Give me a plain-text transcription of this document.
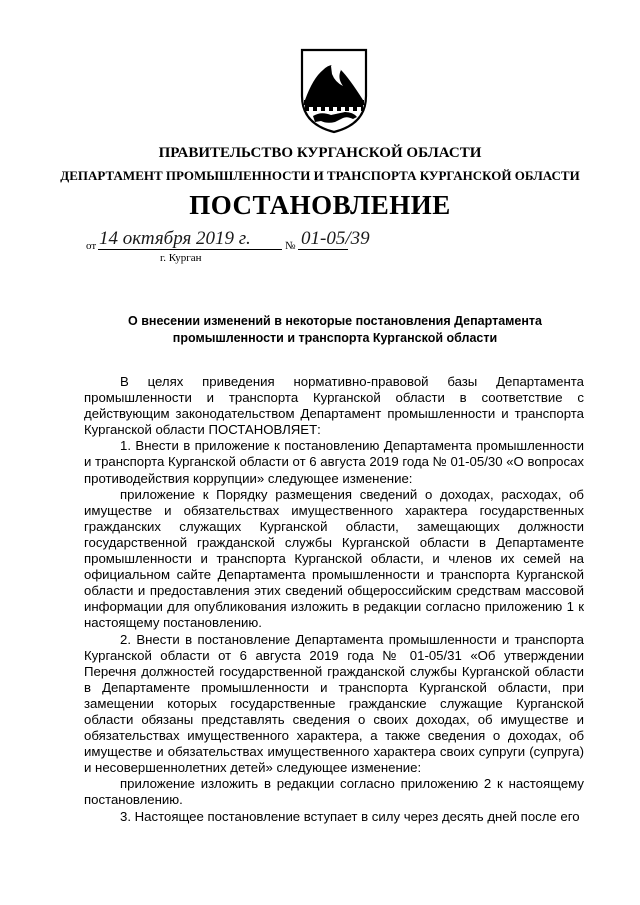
ПРАВИТЕЛЬСТВО КУРГАНСКОЙ ОБЛАСТИ
ДЕПАРТАМЕНТ ПРОМЫШЛЕННОСТИ И ТРАНСПОРТА КУРГАНСКОЙ ОБЛАСТИ
ПОСТАНОВЛЕНИЕ
от 14 октября 2019 г.	№ 01-05/39
г. Курган
О внесении изменений в некоторые постановления Департамента промышленности и транспорта Курганской области

В целях приведения нормативно-правовой базы Департамента промышленности и транспорта Курганской области в соответствие с действующим законодательством Департамент промышленности и транспорта Курганской области ПОСТАНОВЛЯЕТ:

1. Внести в приложение к постановлению Департамента промышленности и транспорта Курганской области от 6 августа 2019 года № 01-05/30 «О вопросах противодействия коррупции» следующее изменение:

приложение к Порядку размещения сведений о доходах, расходах, об имуществе и обязательствах имущественного характера государственных гражданских служащих Курганской области, замещающих должности государственной гражданской службы Курганской области в Департаменте промышленности и транспорта Курганской области, и членов их семей на официальном сайте Департамента промышленности и транспорта Курганской области и предоставления этих сведений общероссийским средствам массовой информации для опубликования изложить в редакции согласно приложению 1 к настоящему постановлению.

2. Внести в постановление Департамента промышленности и транспорта Курганской области от 6 августа 2019 года № 01-05/31 «Об утверждении Перечня должностей государственной гражданской службы Курганской области в Департаменте промышленности и транспорта Курганской области, при замещении которых государственные гражданские служащие Курганской области обязаны представлять сведения о своих доходах, об имуществе и обязательствах имущественного характера, а также сведения о доходах, об имуществе и обязательствах имущественного характера своих супруги (супруга) и несовершеннолетних детей» следующее изменение:

приложение изложить в редакции согласно приложению 2 к настоящему постановлению.

3. Настоящее постановление вступает в силу через десять дней после его
